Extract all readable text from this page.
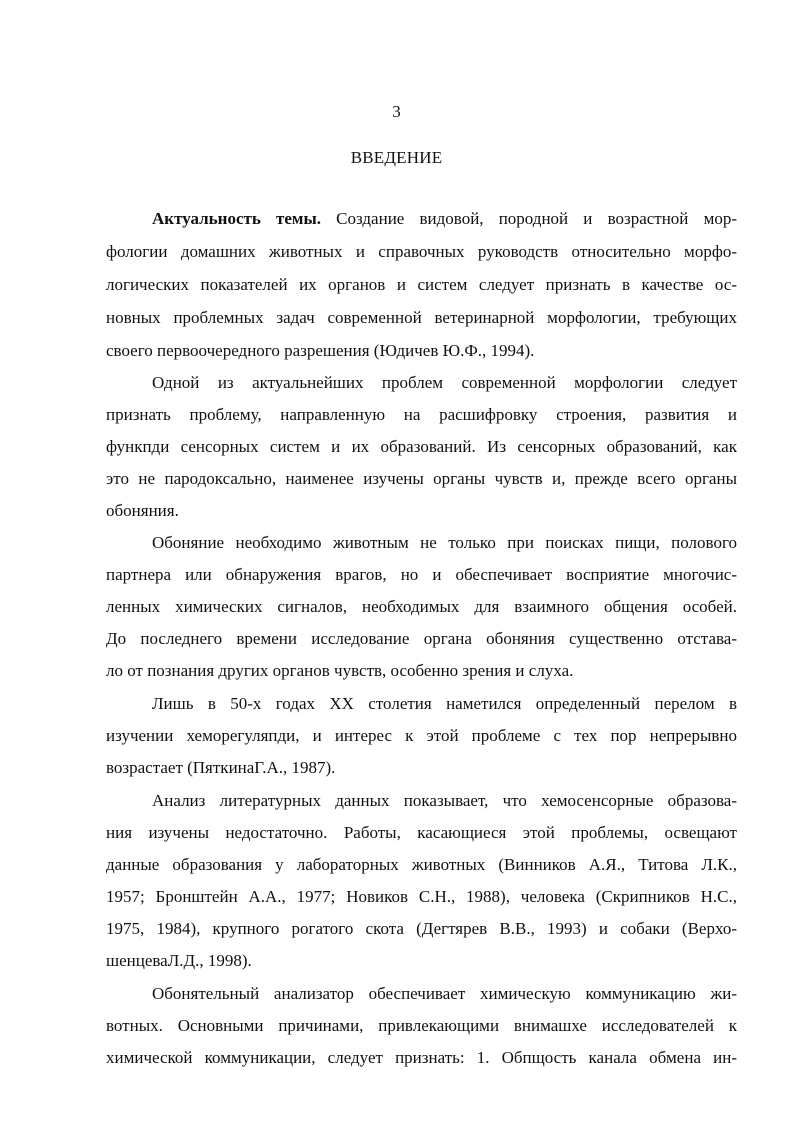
3
ВВЕДЕНИЕ
Актуальность темы. Создание видовой, породной и возрастной мор-
фологии домашних животных и справочных руководств относительно морфо-
логических показателей их органов и систем следует признать в качестве ос-
новных проблемных задач современной ветеринарной морфологии, требующих
своего первоочередного разрешения (Юдичев Ю.Ф., 1994).
Одной из актуальнейших проблем современной морфологии следует
признать проблему, направленную на расшифровку строения, развития и
функпди сенсорных систем и их образований. Из сенсорных образований, как
это не пародоксально, наименее изучены органы чувств и, прежде всего органы
обоняния.
Обоняние необходимо животным не только при поисках пищи, полового
партнера или обнаружения врагов, но и обеспечивает восприятие многочис-
ленных химических сигналов, необходимых для взаимного общения особей.
До последнего времени исследование органа обоняния существенно отстава-
ло от познания других органов чувств, особенно зрения и слуха.
Лишь в 50-х годах XX столетия наметился определенный перелом в
изучении хеморегуляпди, и интерес к этой проблеме с тех пор непрерывно
возрастает (ПяткинаГ.А., 1987).
Анализ литературных данных показывает, что хемосенсорные образова-
ния изучены недостаточно. Работы, касающиеся этой проблемы, освещают
данные образования у лабораторных животных (Винников А.Я., Титова Л.К.,
1957; Бронштейн А.А., 1977; Новиков С.Н., 1988), человека (Скрипников Н.С.,
1975, 1984), крупного рогатого скота (Дегтярев В.В., 1993) и собаки (Верхо-
шенцеваЛ.Д., 1998).
Обонятельный анализатор обеспечивает химическую коммуникацию жи-
вотных. Основными причинами, привлекающими внимашхе исследователей к
химической коммуникации, следует признать: 1. Обпщость канала обмена ин-
